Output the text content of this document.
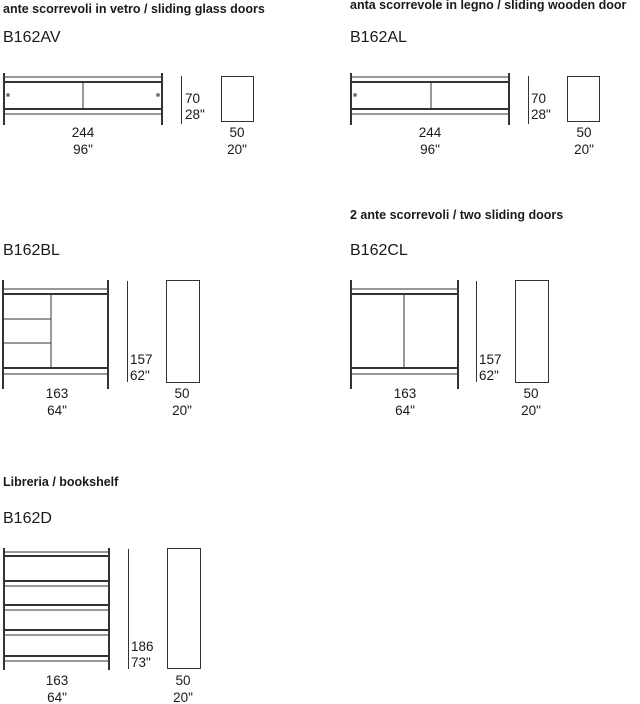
ante scorrevoli in vetro / sliding glass doors
B162AV
70
28"
244
96"
50
20"
anta scorrevole in legno / sliding wooden door
B162AL
70
28"
244
96"
50
20"
B162BL
157
62"
163
64"
50
20"
2 ante scorrevoli / two sliding doors
B162CL
157
62"
163
64"
50
20"
Libreria / bookshelf
B162D
186
73"
163
64"
50
20"
